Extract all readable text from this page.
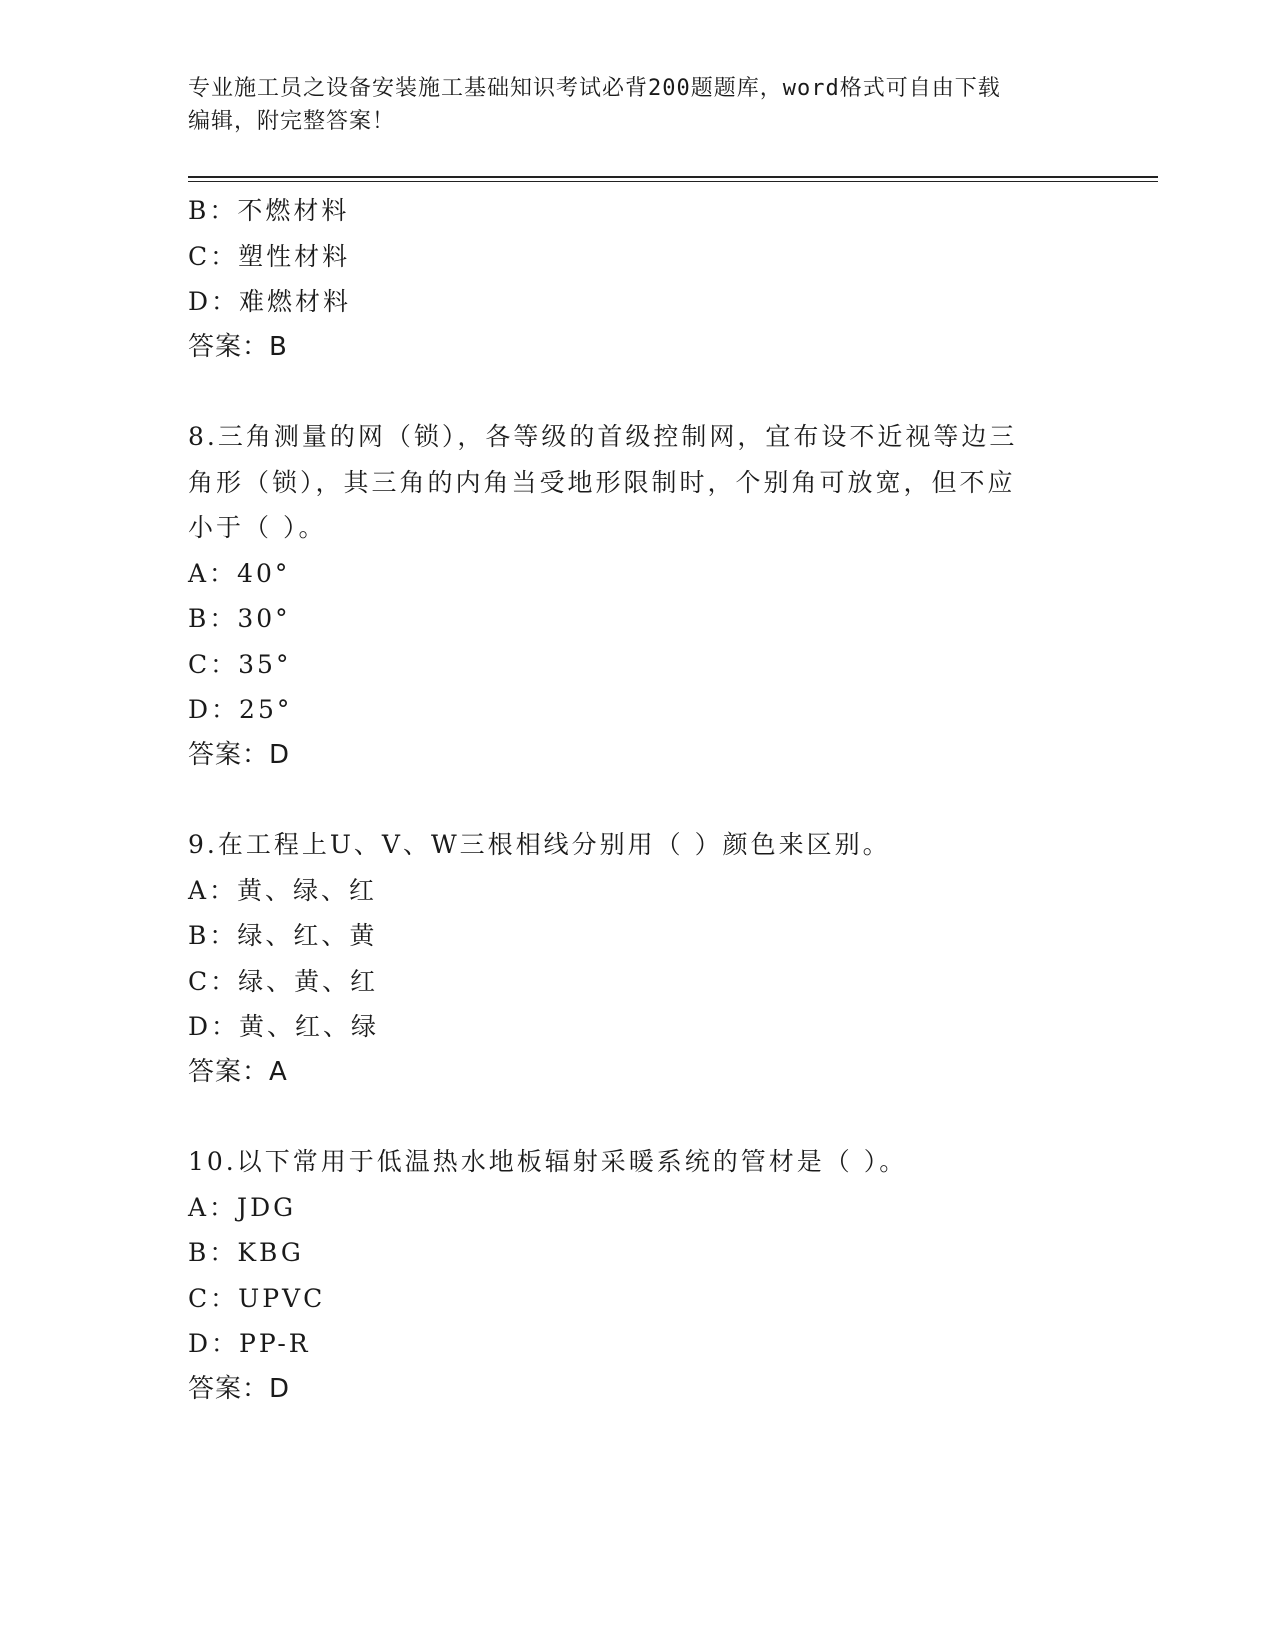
专业施工员之设备安装施工基础知识考试必背200题题库，word格式可自由下载
编辑，附完整答案！
B：不燃材料
C：塑性材料
D：难燃材料
答案：B
8.三角测量的网（锁），各等级的首级控制网，宜布设不近视等边三
角形（锁），其三角的内角当受地形限制时，个别角可放宽，但不应
小于（ ）。
A：40°
B：30°
C：35°
D：25°
答案：D
9.在工程上U、V、W三根相线分别用（ ）颜色来区别。
A：黄、绿、红
B：绿、红、黄
C：绿、黄、红
D：黄、红、绿
答案：A
10.以下常用于低温热水地板辐射采暖系统的管材是（ ）。
A：JDG
B：KBG
C：UPVC
D：PP-R
答案：D
